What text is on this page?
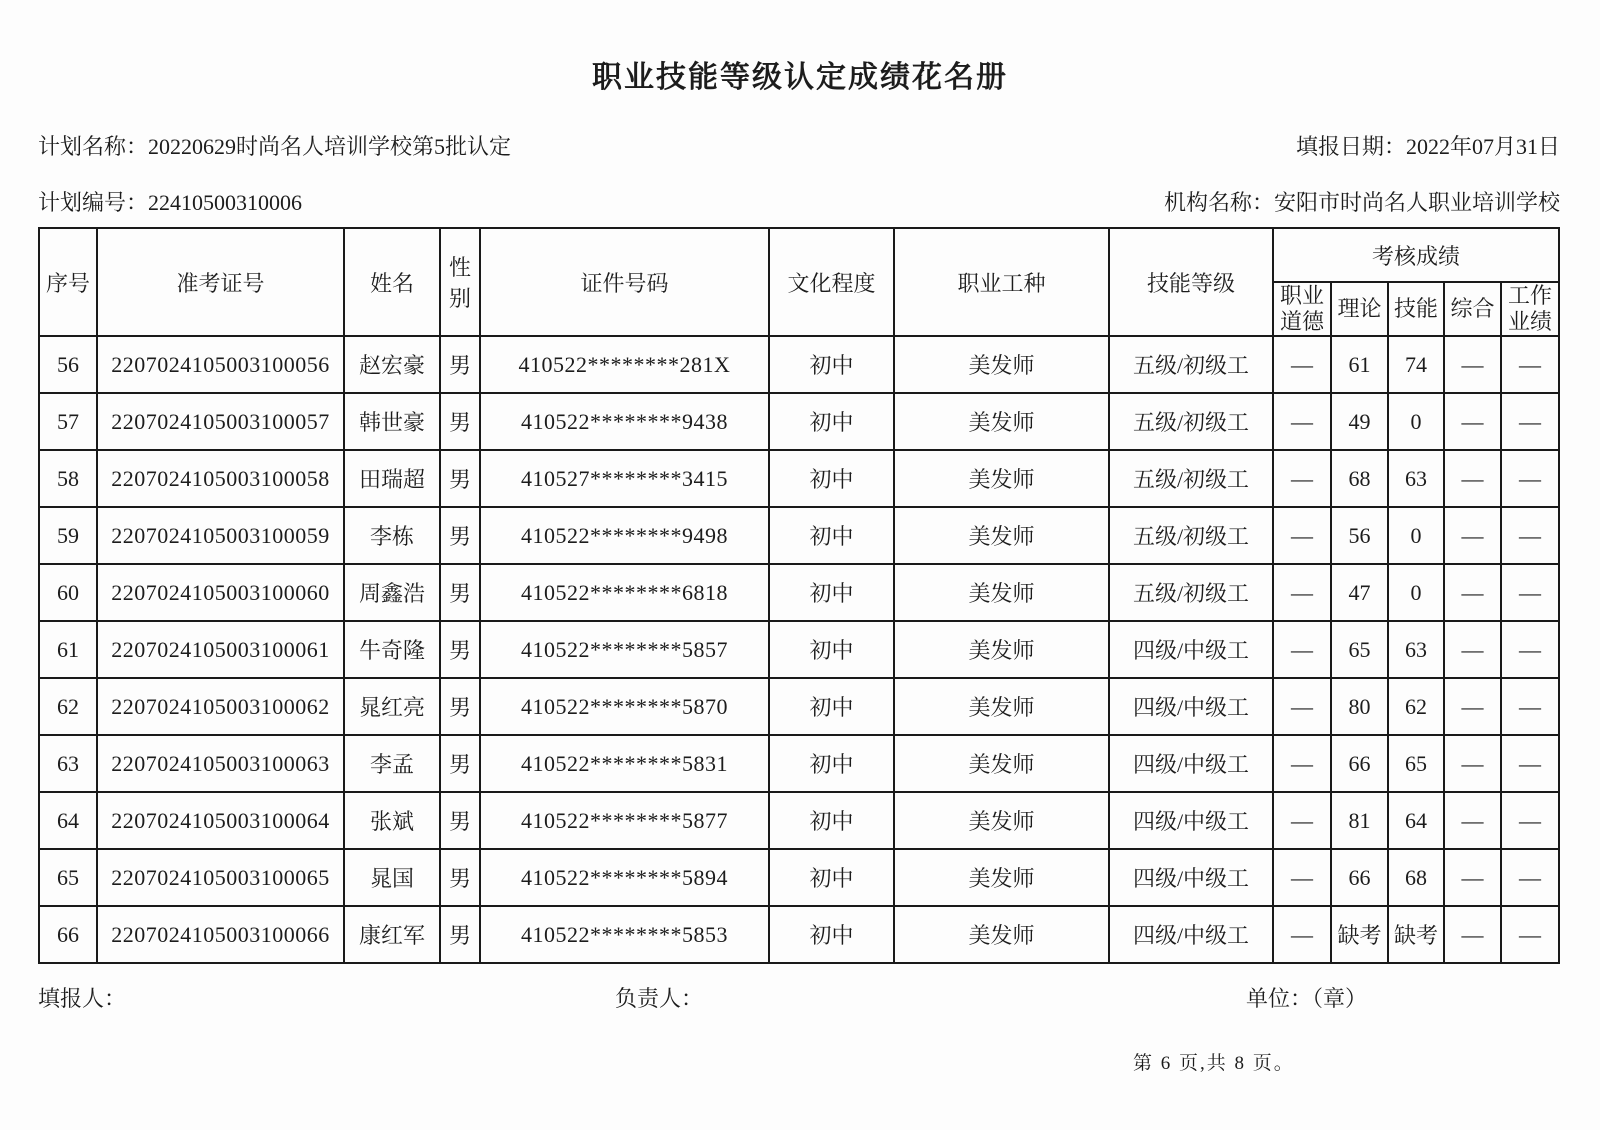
职业技能等级认定成绩花名册
计划名称：20220629时尚名人培训学校第5批认定	填报日期：2022年07月31日
计划编号：22410500310006	机构名称：安阳市时尚名人职业培训学校
序号	准考证号	姓名	性别	证件号码	文化程度	职业工种	技能等级	考核成绩				
								职业道德	理论	技能	综合	工作业绩
56	2207024105003100056	赵宏豪	男	410522********281X	初中	美发师	五级/初级工	—	61	74	—	—
57	2207024105003100057	韩世豪	男	410522********9438	初中	美发师	五级/初级工	—	49	0	—	—
58	2207024105003100058	田瑞超	男	410527********3415	初中	美发师	五级/初级工	—	68	63	—	—
59	2207024105003100059	李栋	男	410522********9498	初中	美发师	五级/初级工	—	56	0	—	—
60	2207024105003100060	周鑫浩	男	410522********6818	初中	美发师	五级/初级工	—	47	0	—	—
61	2207024105003100061	牛奇隆	男	410522********5857	初中	美发师	四级/中级工	—	65	63	—	—
62	2207024105003100062	晁红亮	男	410522********5870	初中	美发师	四级/中级工	—	80	62	—	—
63	2207024105003100063	李孟	男	410522********5831	初中	美发师	四级/中级工	—	66	65	—	—
64	2207024105003100064	张斌	男	410522********5877	初中	美发师	四级/中级工	—	81	64	—	—
65	2207024105003100065	晁国	男	410522********5894	初中	美发师	四级/中级工	—	66	68	—	—
66	2207024105003100066	康红军	男	410522********5853	初中	美发师	四级/中级工	—	缺考	缺考	—	—
填报人：	负责人：	单位：（章）
第 6 页,共 8 页。
